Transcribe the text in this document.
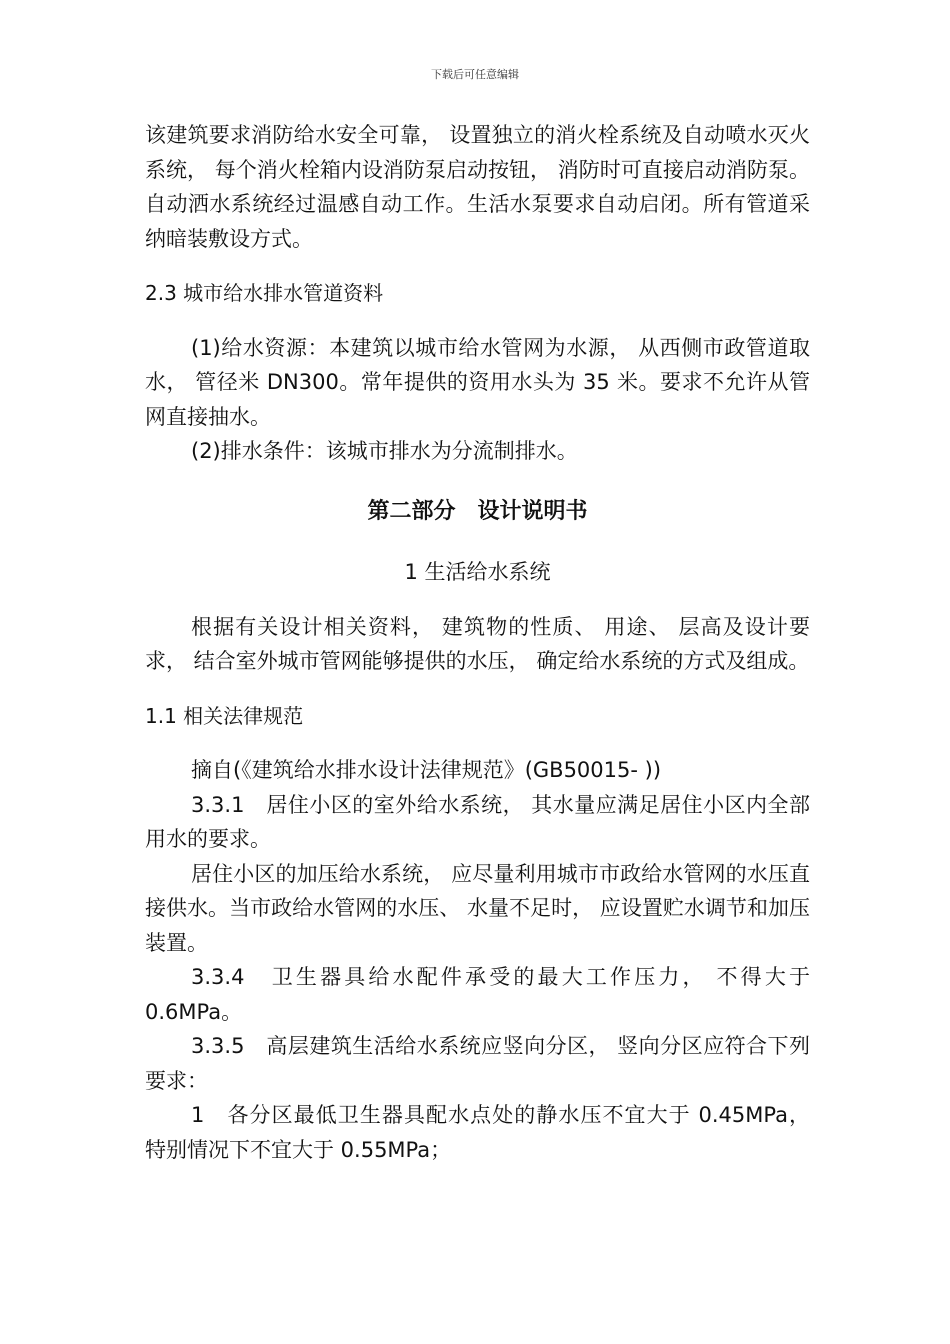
下载后可任意编辑

该建筑要求消防给水安全可靠， 设置独立的消火栓系统及自动喷水灭火系统， 每个消火栓箱内设消防泵启动按钮， 消防时可直接启动消防泵。自动洒水系统经过温感自动工作。生活水泵要求自动启闭。所有管道采纳暗装敷设方式。

2.3 城市给水排水管道资料

(1)给水资源：本建筑以城市给水管网为水源， 从西侧市政管道取水， 管径米 DN300。常年提供的资用水头为 35 米。要求不允许从管网直接抽水。

(2)排水条件：该城市排水为分流制排水。

第二部分　设计说明书

1 生活给水系统

根据有关设计相关资料， 建筑物的性质、 用途、 层高及设计要求， 结合室外城市管网能够提供的水压， 确定给水系统的方式及组成。

1.1 相关法律规范

摘自(《建筑给水排水设计法律规范》(GB50015- ))

3.3.1　居住小区的室外给水系统， 其水量应满足居住小区内全部用水的要求。

居住小区的加压给水系统， 应尽量利用城市市政给水管网的水压直接供水。当市政给水管网的水压、 水量不足时， 应设置贮水调节和加压装置。

3.3.4　卫生器具给水配件承受的最大工作压力， 不得大于 0.6MPa。

3.3.5　高层建筑生活给水系统应竖向分区， 竖向分区应符合下列要求：

1　各分区最低卫生器具配水点处的静水压不宜大于 0.45MPa， 特别情况下不宜大于 0.55MPa；
